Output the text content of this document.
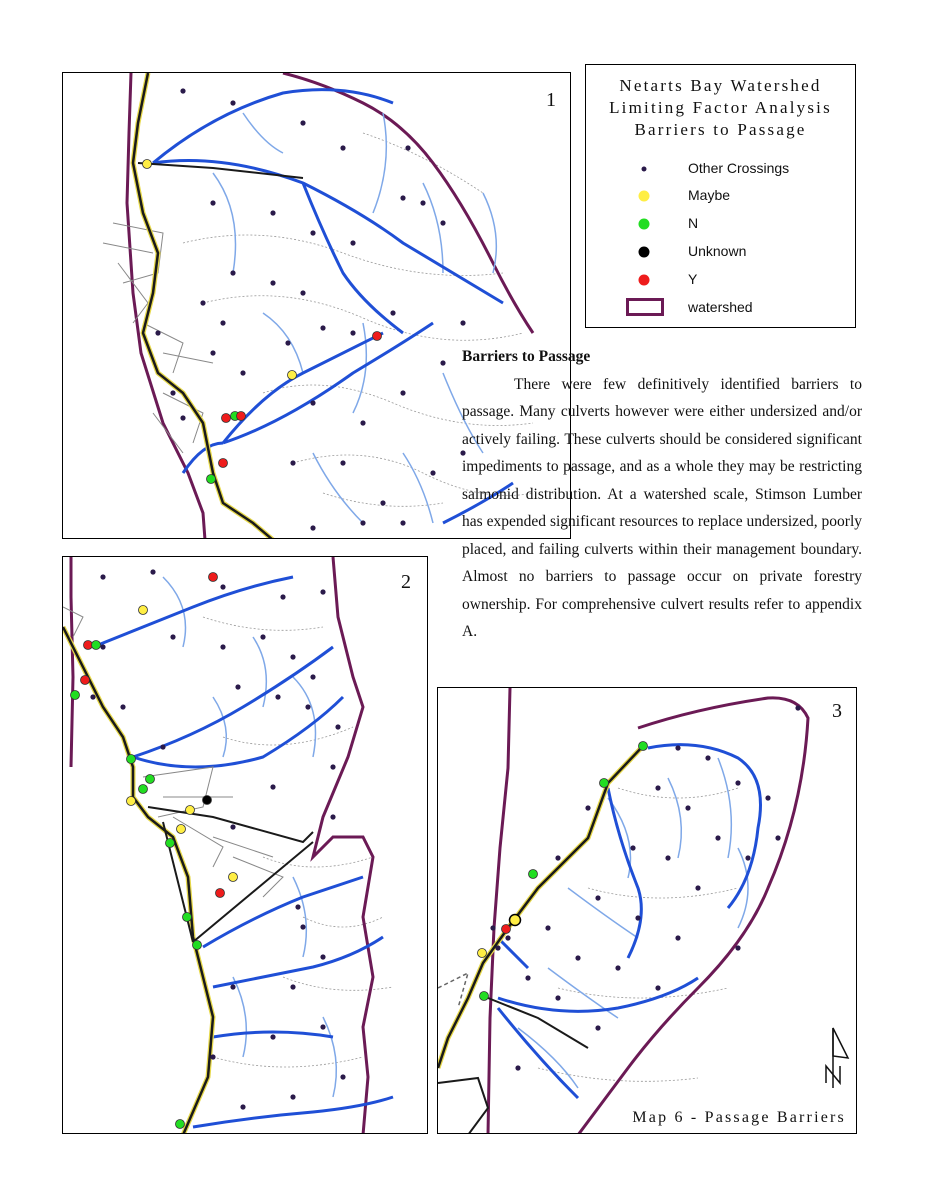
1
2
3
Map 6 - Passage Barriers
Netarts Bay Watershed
Limiting Factor Analysis
Barriers to Passage
Other Crossings
Maybe
N
Unknown
Y
watershed
Barriers to Passage

There were few definitively identified barriers to passage. Many culverts however were either undersized and/or actively failing. These culverts should be considered significant impediments to passage, and as a whole they may be restricting salmonid distribution. At a watershed scale, Stimson Lumber has expended significant resources to replace undersized, poorly placed, and failing culverts within their management boundary. Almost no barriers to passage occur on private forestry ownership. For comprehensive culvert results refer to appendix A.
